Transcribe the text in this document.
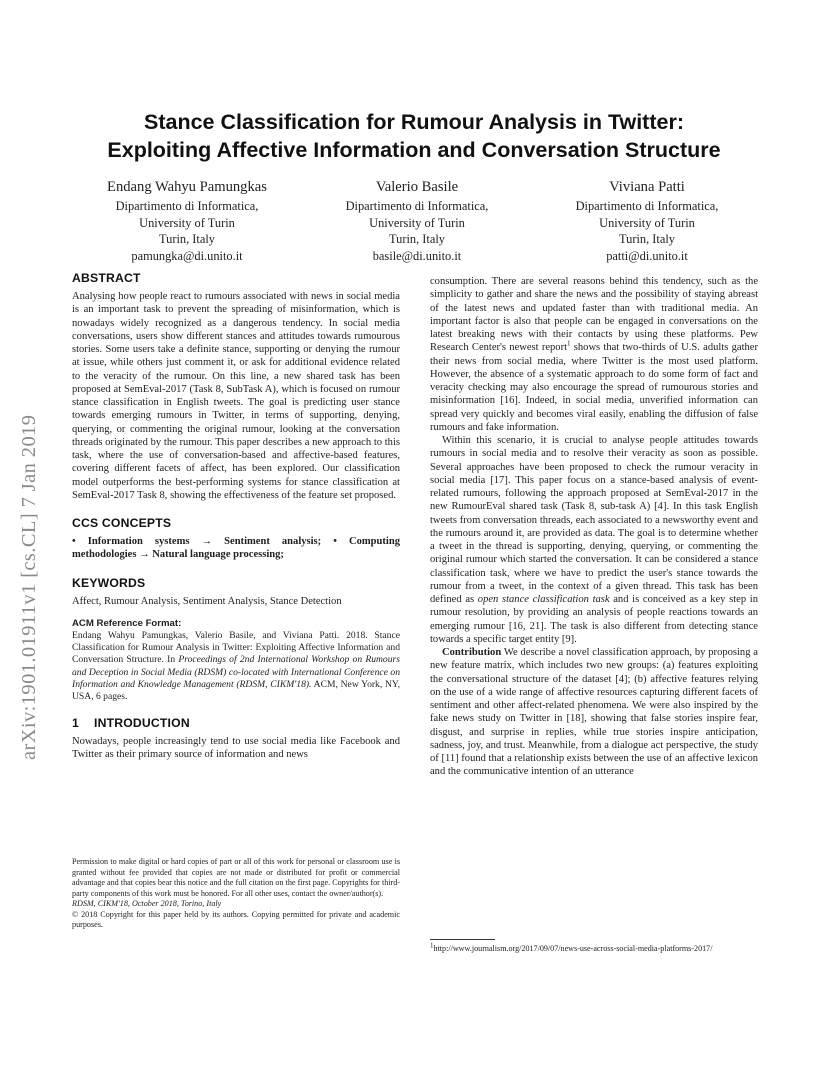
arXiv:1901.01911v1 [cs.CL] 7 Jan 2019
Stance Classification for Rumour Analysis in Twitter:
Exploiting Affective Information and Conversation Structure
Endang Wahyu Pamungkas
Dipartimento di Informatica,
University of Turin
Turin, Italy
pamungka@di.unito.it
Valerio Basile
Dipartimento di Informatica,
University of Turin
Turin, Italy
basile@di.unito.it
Viviana Patti
Dipartimento di Informatica,
University of Turin
Turin, Italy
patti@di.unito.it
ABSTRACT

Analysing how people react to rumours associated with news in social media is an important task to prevent the spreading of misinformation, which is nowadays widely recognized as a dangerous tendency. In social media conversations, users show different stances and attitudes towards rumourous stories. Some users take a definite stance, supporting or denying the rumour at issue, while others just comment it, or ask for additional evidence related to the veracity of the rumour. On this line, a new shared task has been proposed at SemEval-2017 (Task 8, SubTask A), which is focused on rumour stance classification in English tweets. The goal is predicting user stance towards emerging rumours in Twitter, in terms of supporting, denying, querying, or commenting the original rumour, looking at the conversation threads originated by the rumour. This paper describes a new approach to this task, where the use of conversation-based and affective-based features, covering different facets of affect, has been explored. Our classification model outperforms the best-performing systems for stance classification at SemEval-2017 Task 8, showing the effectiveness of the feature set proposed.

CCS CONCEPTS

• Information systems → Sentiment analysis; • Computing methodologies → Natural language processing;

KEYWORDS

Affect, Rumour Analysis, Sentiment Analysis, Stance Detection

ACM Reference Format:

Endang Wahyu Pamungkas, Valerio Basile, and Viviana Patti. 2018. Stance Classification for Rumour Analysis in Twitter: Exploiting Affective Information and Conversation Structure. In Proceedings of 2nd International Workshop on Rumours and Deception in Social Media (RDSM) co-located with International Conference on Information and Knowledge Management (RDSM, CIKM'18). ACM, New York, NY, USA, 6 pages.

1 INTRODUCTION

Nowadays, people increasingly tend to use social media like Facebook and Twitter as their primary source of information and news

Permission to make digital or hard copies of part or all of this work for personal or classroom use is granted without fee provided that copies are not made or distributed for profit or commercial advantage and that copies bear this notice and the full citation on the first page. Copyrights for third-party components of this work must be honored. For all other uses, contact the owner/author(s).

RDSM, CIKM'18, October 2018, Torino, Italy

© 2018 Copyright for this paper held by its authors. Copying permitted for private and academic purposes.

consumption. There are several reasons behind this tendency, such as the simplicity to gather and share the news and the possibility of staying abreast of the latest news and updated faster than with traditional media. An important factor is also that people can be engaged in conversations on the latest breaking news with their contacts by using these platforms. Pew Research Center's newest report$^1$ shows that two-thirds of U.S. adults gather their news from social media, where Twitter is the most used platform. However, the absence of a systematic approach to do some form of fact and veracity checking may also encourage the spread of rumourous stories and misinformation [16]. Indeed, in social media, unverified information can spread very quickly and becomes viral easily, enabling the diffusion of false rumours and fake information.

Within this scenario, it is crucial to analyse people attitudes towards rumours in social media and to resolve their veracity as soon as possible. Several approaches have been proposed to check the rumour veracity in social media [17]. This paper focus on a stance-based analysis of event-related rumours, following the approach proposed at SemEval-2017 in the new RumourEval shared task (Task 8, sub-task A) [4]. In this task English tweets from conversation threads, each associated to a newsworthy event and the rumours around it, are provided as data. The goal is to determine whether a tweet in the thread is supporting, denying, querying, or commenting the original rumour which started the conversation. It can be considered a stance classification task, where we have to predict the user's stance towards the rumour from a tweet, in the context of a given thread. This task has been defined as open stance classification task and is conceived as a key step in rumour resolution, by providing an analysis of people reactions towards an emerging rumour [16, 21]. The task is also different from detecting stance towards a specific target entity [9].

Contribution We describe a novel classification approach, by proposing a new feature matrix, which includes two new groups: (a) features exploiting the conversational structure of the dataset [4]; (b) affective features relying on the use of a wide range of affective resources capturing different facets of sentiment and other affect-related phenomena. We were also inspired by the fake news study on Twitter in [18], showing that false stories inspire fear, disgust, and surprise in replies, while true stories inspire anticipation, sadness, joy, and trust. Meanwhile, from a dialogue act perspective, the study of [11] found that a relationship exists between the use of an affective lexicon and the communicative intention of an utterance

$^1$http://www.journalism.org/2017/09/07/news-use-across-social-media-platforms-2017/
